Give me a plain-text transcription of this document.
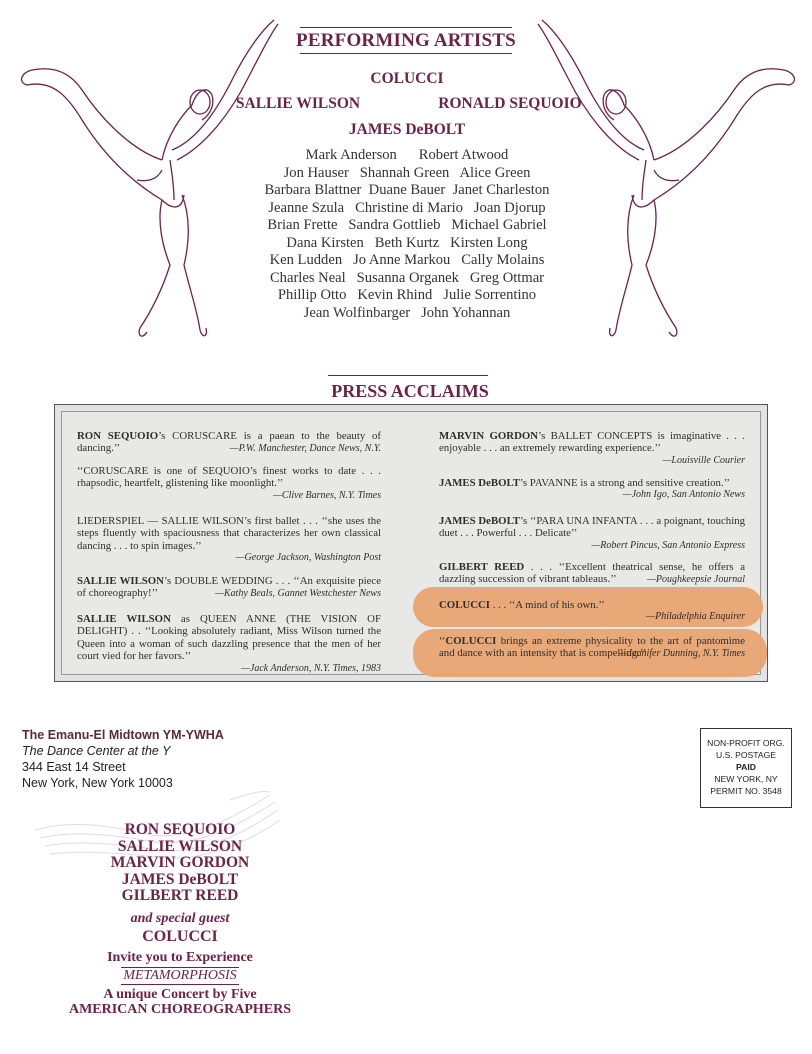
PERFORMING ARTISTS
COLUCCI
SALLIE WILSON	RONALD SEQUOIO
JAMES DeBOLT
Mark Anderson      Robert Atwood
Jon Hauser   Shannah Green   Alice Green
Barbara Blattner  Duane Bauer  Janet Charleston
Jeanne Szula   Christine di Mario   Joan Djorup
Brian Frette   Sandra Gottlieb   Michael Gabriel
Dana Kirsten   Beth Kurtz   Kirsten Long
Ken Ludden   Jo Anne Markou   Cally Molains
Charles Neal   Susanna Organek   Greg Ottmar
Phillip Otto   Kevin Rhind   Julie Sorrentino
Jean Wolfinbarger   John Yohannan
PRESS ACCLAIMS
RON SEQUOIO’s CORUSCARE is a paean to the beauty of dancing.’’	—P.W. Manchester, Dance News, N.Y.
‘‘CORUSCARE is one of SEQUOIO’s finest works to date . . . rhapsodic, heartfelt, glistening like moonlight.’’
—Clive Barnes, N.Y. Times
LIEDERSPIEL — SALLIE WILSON’s first ballet . . . ‘‘she uses the steps fluently with spaciousness that characterizes her own classical dancing . . . to spin images.’’
—George Jackson, Washington Post
SALLIE WILSON’s DOUBLE WEDDING . . . ‘‘An exquisite piece of choreography!’’	—Kathy Beals, Gannet Westchester News
SALLIE WILSON as QUEEN ANNE (THE VISION OF DELIGHT) . . ‘‘Looking absolutely radiant, Miss Wilson turned the Queen into a woman of such dazzling presence that the men of her court vied for her favors.’’
—Jack Anderson, N.Y. Times, 1983
MARVIN GORDON’s BALLET CONCEPTS is imaginative . . . enjoyable . . . an extremely rewarding experience.’’
—Louisville Courier
JAMES DeBOLT’s PAVANNE is a strong and sensitive creation.’’
—John Igo, San Antonio News
JAMES DeBOLT’s ‘‘PARA UNA INFANTA . . . a poignant, touching duet . . . Powerful . . . Delicate’’
—Robert Pincus, San Antonio Express
GILBERT REED . . . ‘‘Excellent theatrical sense, he offers a dazzling succession of vibrant tableaus.’’	—Poughkeepsie Journal
COLUCCI . . . ‘‘A mind of his own.’’
—Philadelphia Enquirer
‘‘COLUCCI brings an extreme physicality to the art of pantomime and dance with an intensity that is compelling.’’
—Jennifer Dunning, N.Y. Times
The Emanu-El Midtown YM-YWHA
The Dance Center at the Y
344 East 14 Street
New York, New York 10003
NON-PROFIT ORG.
U.S. POSTAGE
PAID
NEW YORK, NY
PERMIT NO. 3548
RON SEQUOIO
SALLIE WILSON
MARVIN GORDON
JAMES DeBOLT
GILBERT REED
and special guest
COLUCCI
Invite you to Experience
METAMORPHOSIS
A unique Concert by Five
AMERICAN CHOREOGRAPHERS
